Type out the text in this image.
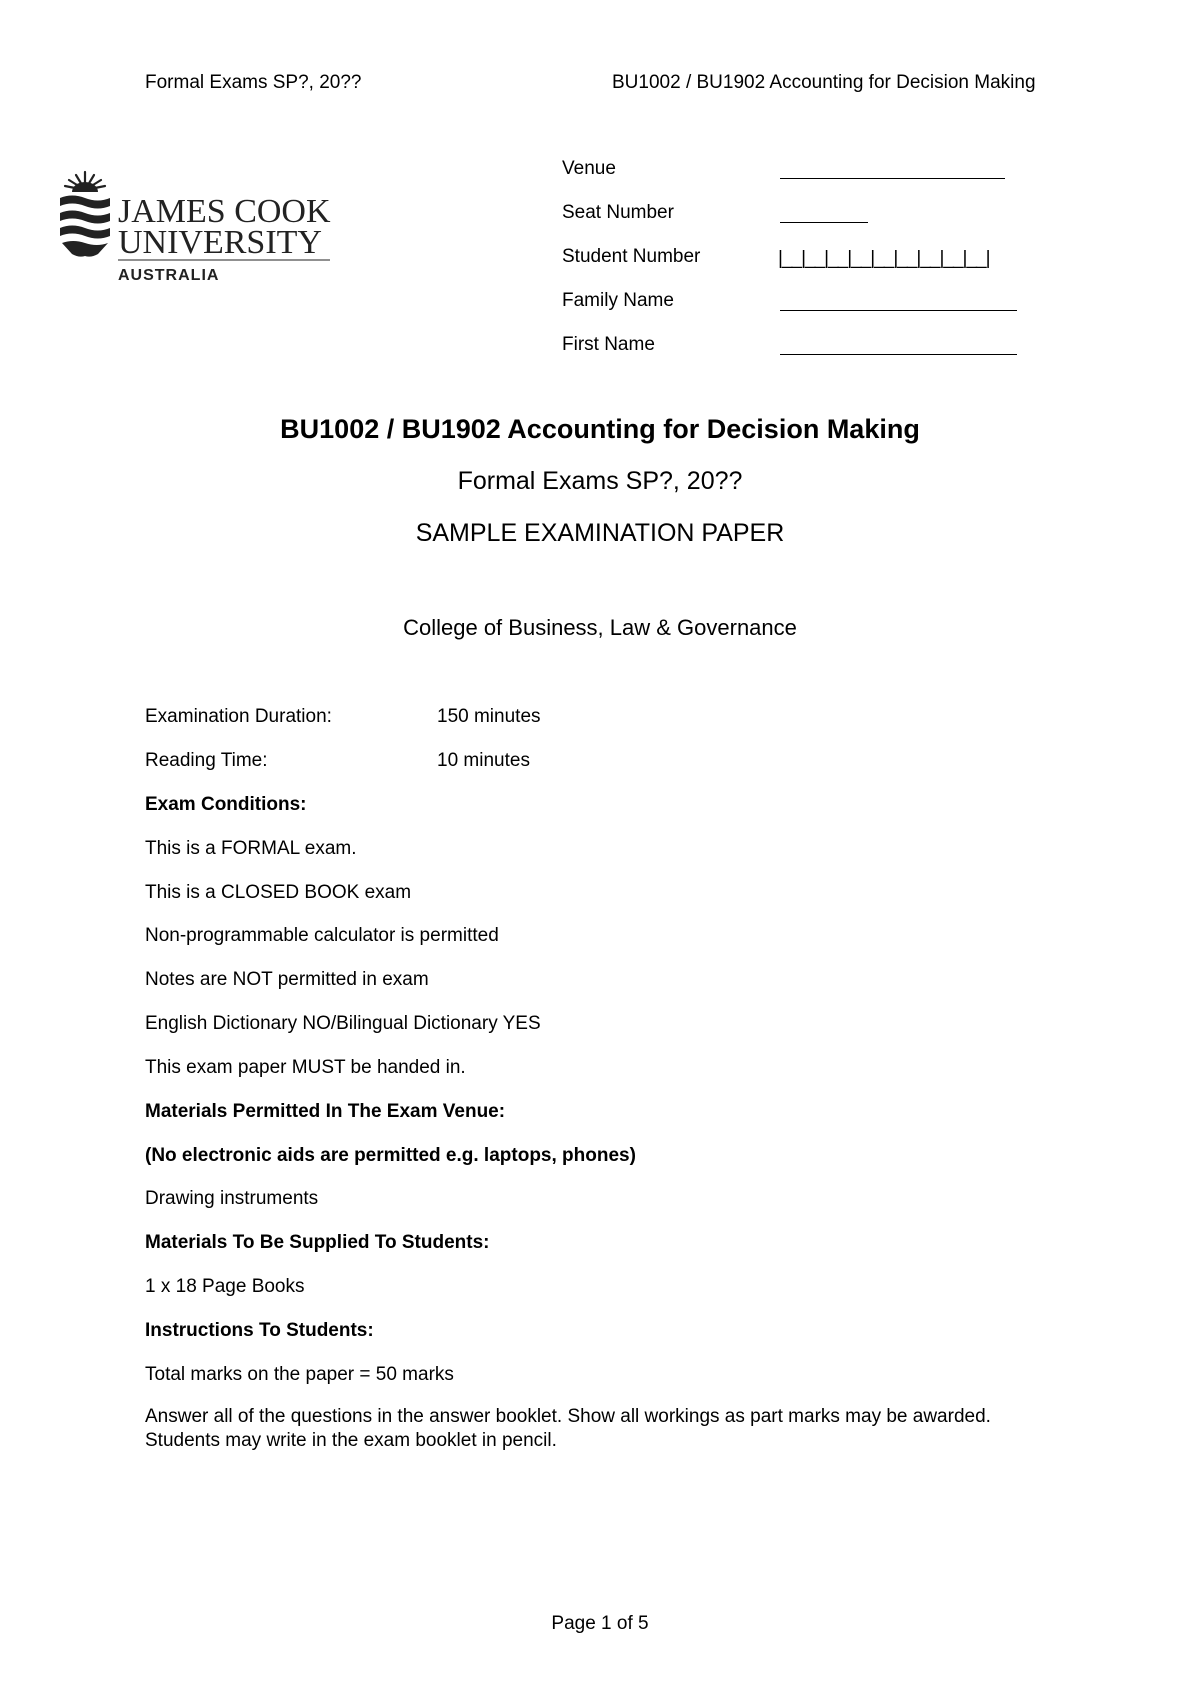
Formal Exams SP?, 20??	BU1002 / BU1902 Accounting for Decision Making
JAMES COOK
UNIVERSITY
AUSTRALIA
Venue
Seat Number
Student Number	|__|__|__|__|__|__|__|__|__|
Family Name
First Name
BU1002 / BU1902 Accounting for Decision Making
Formal Exams SP?, 20??
SAMPLE EXAMINATION PAPER
College of Business, Law & Governance
Examination Duration:	150 minutes
Reading Time:	10 minutes
Exam Conditions:
This is a FORMAL exam.
This is a CLOSED BOOK exam
Non-programmable calculator is permitted
Notes are NOT permitted in exam
English Dictionary NO/Bilingual Dictionary YES
This exam paper MUST be handed in.
Materials Permitted In The Exam Venue:
(No electronic aids are permitted e.g. laptops, phones)
Drawing instruments
Materials To Be Supplied To Students:
1 x 18 Page Books
Instructions To Students:
Total marks on the paper = 50 marks
Answer all of the questions in the answer booklet. Show all workings as part marks may be awarded.
Students may write in the exam booklet in pencil.
Page 1 of 5
